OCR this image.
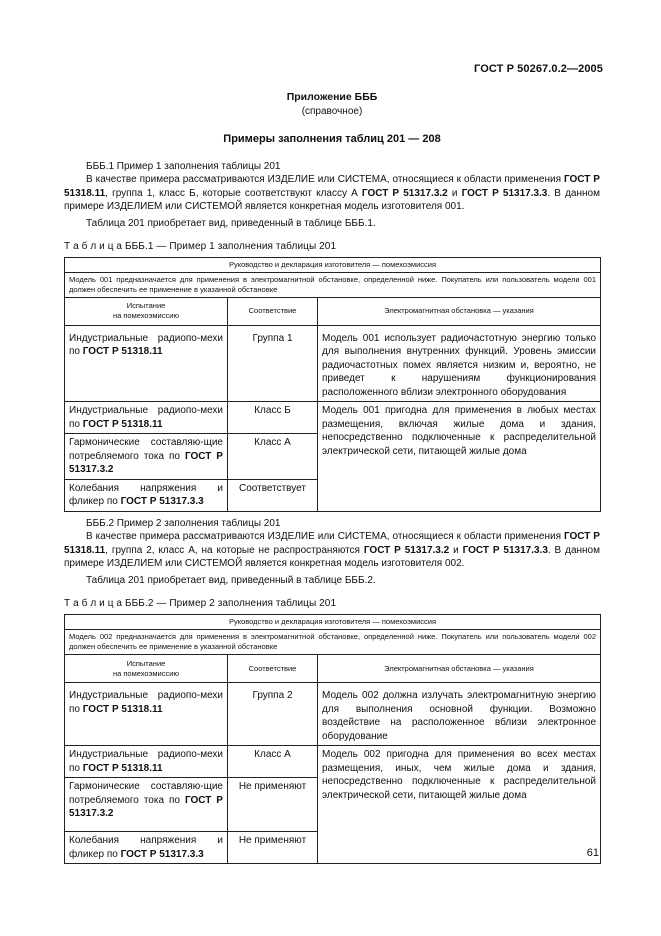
ГОСТ Р 50267.0.2—2005
Приложение БББ
(справочное)
Примеры заполнения таблиц 201 — 208

БББ.1 Пример 1 заполнения таблицы 201

В качестве примера рассматриваются ИЗДЕЛИЕ или СИСТЕМА, относящиеся к области применения ГОСТ Р 51318.11, группа 1, класс Б, которые соответствуют классу А ГОСТ Р 51317.3.2 и ГОСТ Р 51317.3.3. В данном примере ИЗДЕЛИЕМ или СИСТЕМОЙ является конкретная модель изготовителя 001.

Таблица 201 приобретает вид, приведенный в таблице БББ.1.

Т а б л и ц а БББ.1 — Пример 1 заполнения таблицы 201
Руководство и декларация изготовителя — помехоэмиссия		
Модель 001 предназначается для применения в электромагнитной обстановке, определенной ниже. Покупатель или пользователь модели 001 должен обеспечить ее применение в указанной обстановке		
Испытание
на помехоэмиссию	Соответствие	Электромагнитная обстановка — указания
Индустриальные радиопо-мехи по ГОСТ Р 51318.11	Группа 1	Модель 001 использует радиочастотную энергию только для выполнения внутренних функций. Уровень эмиссии радиочастотных помех является низким и, вероятно, не приведет к нарушениям функционирования расположенного вблизи электронного оборудования
Индустриальные радиопо-мехи по ГОСТ Р 51318.11	Класс Б	Модель 001 пригодна для применения в любых местах размещения, включая жилые дома и здания, непосредственно подключенные к распределительной электрической сети, питающей жилые дома
Гармонические составляю-щие потребляемого тока по ГОСТ Р 51317.3.2	Класс А	
Колебания напряжения и фликер по ГОСТ Р 51317.3.3	Соответствует	

БББ.2 Пример 2 заполнения таблицы 201

В качестве примера рассматриваются ИЗДЕЛИЕ или СИСТЕМА, относящиеся к области применения ГОСТ Р 51318.11, группа 2, класс А, на которые не распространяются ГОСТ Р 51317.3.2 и ГОСТ Р 51317.3.3. В данном примере ИЗДЕЛИЕМ или СИСТЕМОЙ является конкретная модель изготовителя 002.

Таблица 201 приобретает вид, приведенный в таблице БББ.2.

Т а б л и ц а БББ.2 — Пример 2 заполнения таблицы 201
Руководство и декларация изготовителя — помехоэмиссия		
Модель 002 предназначается для применения в электромагнитной обстановке, определенной ниже. Покупатель или пользователь модели 002 должен обеспечить ее применение в указанной обстановке		
Испытание
на помехоэмиссию	Соответствие	Электромагнитная обстановка — указания
Индустриальные радиопо-мехи по ГОСТ Р 51318.11	Группа 2	Модель 002 должна излучать электромагнитную энергию для выполнения основной функции. Возможно воздействие на расположенное вблизи электронное оборудование
Индустриальные радиопо-мехи по ГОСТ Р 51318.11	Класс А	Модель 002 пригодна для применения во всех местах размещения, иных, чем жилые дома и здания, непосредственно подключенные к распределительной электрической сети, питающей жилые дома
Гармонические составляю-щие потребляемого тока по ГОСТ Р 51317.3.2	Не применяют	
Колебания напряжения и фликер по ГОСТ Р 51317.3.3	Не применяют	
61
